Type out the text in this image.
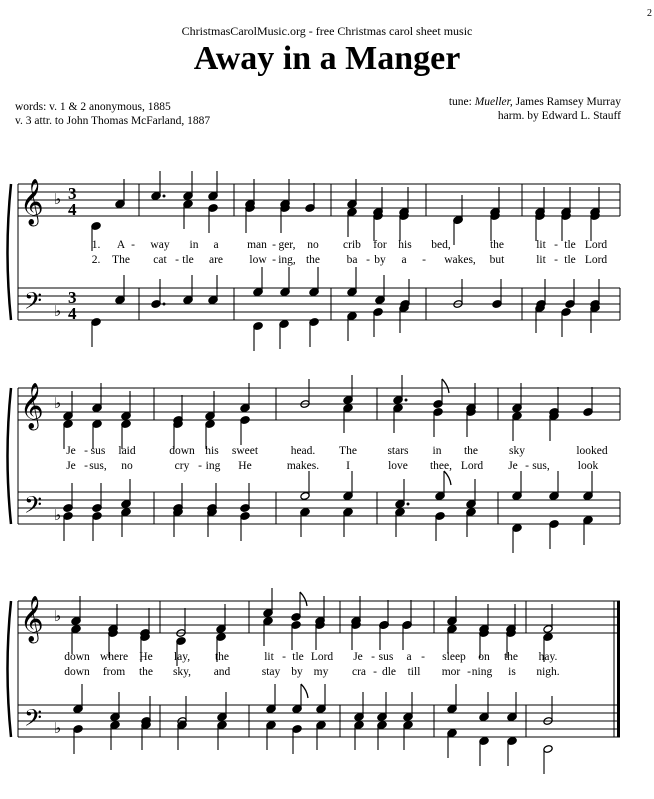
2
ChristmasCarolMusic.org - free Christmas carol sheet music
Away in a Manger
words: v. 1 & 2 anonymous, 1885
v. 3 attr. to John Thomas McFarland, 1887
tune: Mueller, James Ramsey Murray
harm. by Edward L. Stauff
𝄞
𝄢
♭
♭
3
4
3
4
1. A - way in a man - ger, no crib for his bed,	the	lit - tle Lord
2. The cat - tle are low - ing, the ba - by a - wakes, but	lit - tle Lord
𝄞
𝄢
♭
♭
Je - sus laid	down his sweet	head. The	stars in the	sky	looked
Je - sus, no	cry - ing He	makes. I	love thee, Lord Je - sus, look
𝄞
𝄢
♭
♭
down where He lay, the	lit - tle Lord Je - sus a - sleep on the hay.
down from the sky, and	stay by my cra - dle till mor - ning is nigh.
